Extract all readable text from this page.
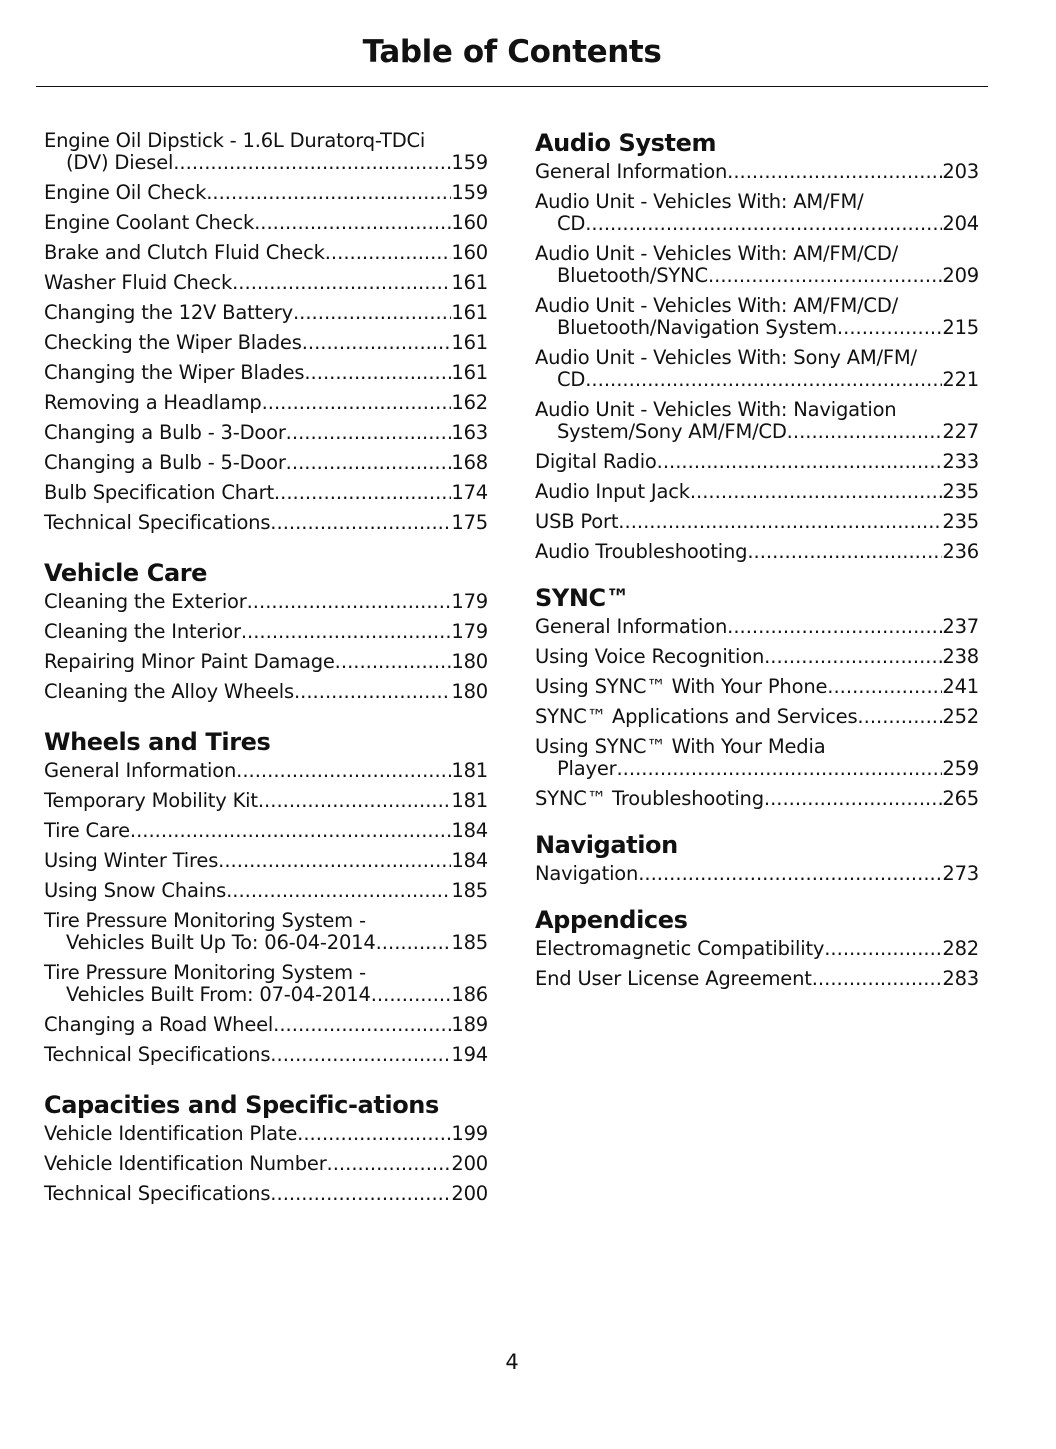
Table of Contents
Engine Oil Dipstick - 1.6L Duratorq-TDCi
(DV) Diesel .....	159
Engine Oil Check .....	159
Engine Coolant Check .....	160
Brake and Clutch Fluid Check .....	160
Washer Fluid Check .....	161
Changing the 12V Battery .....	161
Checking the Wiper Blades .....	161
Changing the Wiper Blades .....	161
Removing a Headlamp .....	162
Changing a Bulb - 3-Door .....	163
Changing a Bulb - 5-Door .....	168
Bulb Specification Chart .....	174
Technical Specifications .....	175
Vehicle Care
Cleaning the Exterior .....	179
Cleaning the Interior .....	179
Repairing Minor Paint Damage .....	180
Cleaning the Alloy Wheels .....	180
Wheels and Tires
General Information .....	181
Temporary Mobility Kit .....	181
Tire Care .....	184
Using Winter Tires .....	184
Using Snow Chains .....	185
Tire Pressure Monitoring System -
Vehicles Built Up To: 06-04-2014 .....	185
Tire Pressure Monitoring System -
Vehicles Built From: 07-04-2014 .....	186
Changing a Road Wheel .....	189
Technical Specifications .....	194
Capacities and Specific-ations
Vehicle Identification Plate .....	199
Vehicle Identification Number .....	200
Technical Specifications .....	200
Audio System
General Information .....	203
Audio Unit - Vehicles With: AM/FM/
CD .....	204
Audio Unit - Vehicles With: AM/FM/CD/
Bluetooth/SYNC .....	209
Audio Unit - Vehicles With: AM/FM/CD/
Bluetooth/Navigation System .....	215
Audio Unit - Vehicles With: Sony AM/FM/
CD .....	221
Audio Unit - Vehicles With: Navigation
System/Sony AM/FM/CD .....	227
Digital Radio .....	233
Audio Input Jack .....	235
USB Port .....	235
Audio Troubleshooting .....	236
SYNC™
General Information .....	237
Using Voice Recognition .....	238
Using SYNC™ With Your Phone .....	241
SYNC™ Applications and Services .....	252
Using SYNC™ With Your Media
Player .....	259
SYNC™ Troubleshooting .....	265
Navigation
Navigation .....	273
Appendices
Electromagnetic Compatibility .....	282
End User License Agreement .....	283
4
